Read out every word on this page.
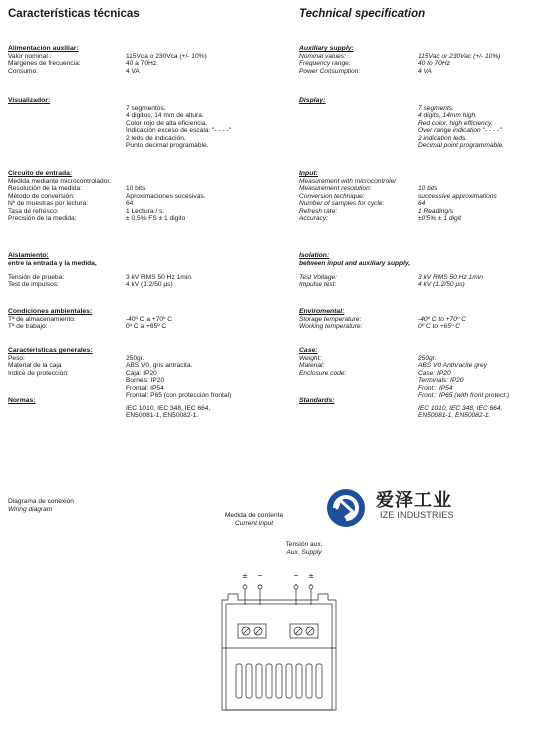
Características técnicas	Technical specification
Alimentación auxiliar:
Valor nominal :
Margenes de frecuencia:
Consumo:
115Vca o 230Vca (+/- 10%)
40 a 70Hz.
4 VA
Visualizador:
7 segmentos.
4 digitos, 14 mm de altura.
Color rojo de alta eficiencia.
Indicación exceso de escala: "- - - -"
2 leds de indicación.
Punto decimal programable.
Circuito de entrada:
Medida mediante microcontrolador.
Resolución de la medida:
Método de conversión:
Nº de muestras por lectura:
Tasa de refresco:
Precisión de la medida:
10 bits
Aproximaciones sucesivas.
64
1 Lectura / s.
± 0,5% FS ± 1 digito
Aislamiento:
entre la entrada y la medida,
Tensión de prueba:
Test de impulsos:
3 kV RMS 50 Hz 1min.
4 kV (1.2/50 µs)
Condiciones ambientales:
Tª de almacenamiento:
Tª de trabajo:
-40º C a +70º C
0º C a +65º C
Caracteristicas generales:
Peso:
Material de la caja
Indice de protección:
250gr.
ABS V0, gris antracita.
Caja: IP20
Bornes: IP20
Frontal: IP54
Frontal: P65 (con protección frontal)
Normas:
IEC 1010, IEC 348, IEC 664,
EN50081-1, EN50082-1.
Auxiliary supply:
Nominal values:
Frequency range:
Power Consumption:
115Vac or 230Vac (+/- 10%)
40 to 70Hz
4 VA
Display:
7 segments.
4 digits, 14mm high.
Red color, high efficiency.
Over range indication "- - - -"
2 indication leds.
Decimal point programmable.
Input:
Measurement with microcontroler
Measurement resolution:
Conversion technique:
Number of samples for cycle:
Refresh rate:
Accuracy:
10 bits
successive approximations
64
1 Reading/s
±0'5% ± 1 digit
Isolation:
between input and auxiliary supply,
Test Voltage:
Impulse test:
3 kV RMS 50 Hz 1min
4 kV (1.2/50 µs)
Enviromental:
Storage temperature:
Working temperature:
-40º C to +70º C
0º C to +65º C
Case:
Weight:
Material:
Enclosure code:
250gr.
ABS V0 Anthracite grey
Case: IP20
Terminals: IP20
Front:: IP54
Front:: IP65 (with front protect.)
Standards:
IEC 1010, IEC 348, IEC 664,
EN50081-1, EN50082-1.
Diagrama de conexión
Wiring diagram
Medida de corriente
Current input
Tensión aux.
Aux. Supply
爱泽工业
IZE INDUSTRIES
± ~	~ ±
